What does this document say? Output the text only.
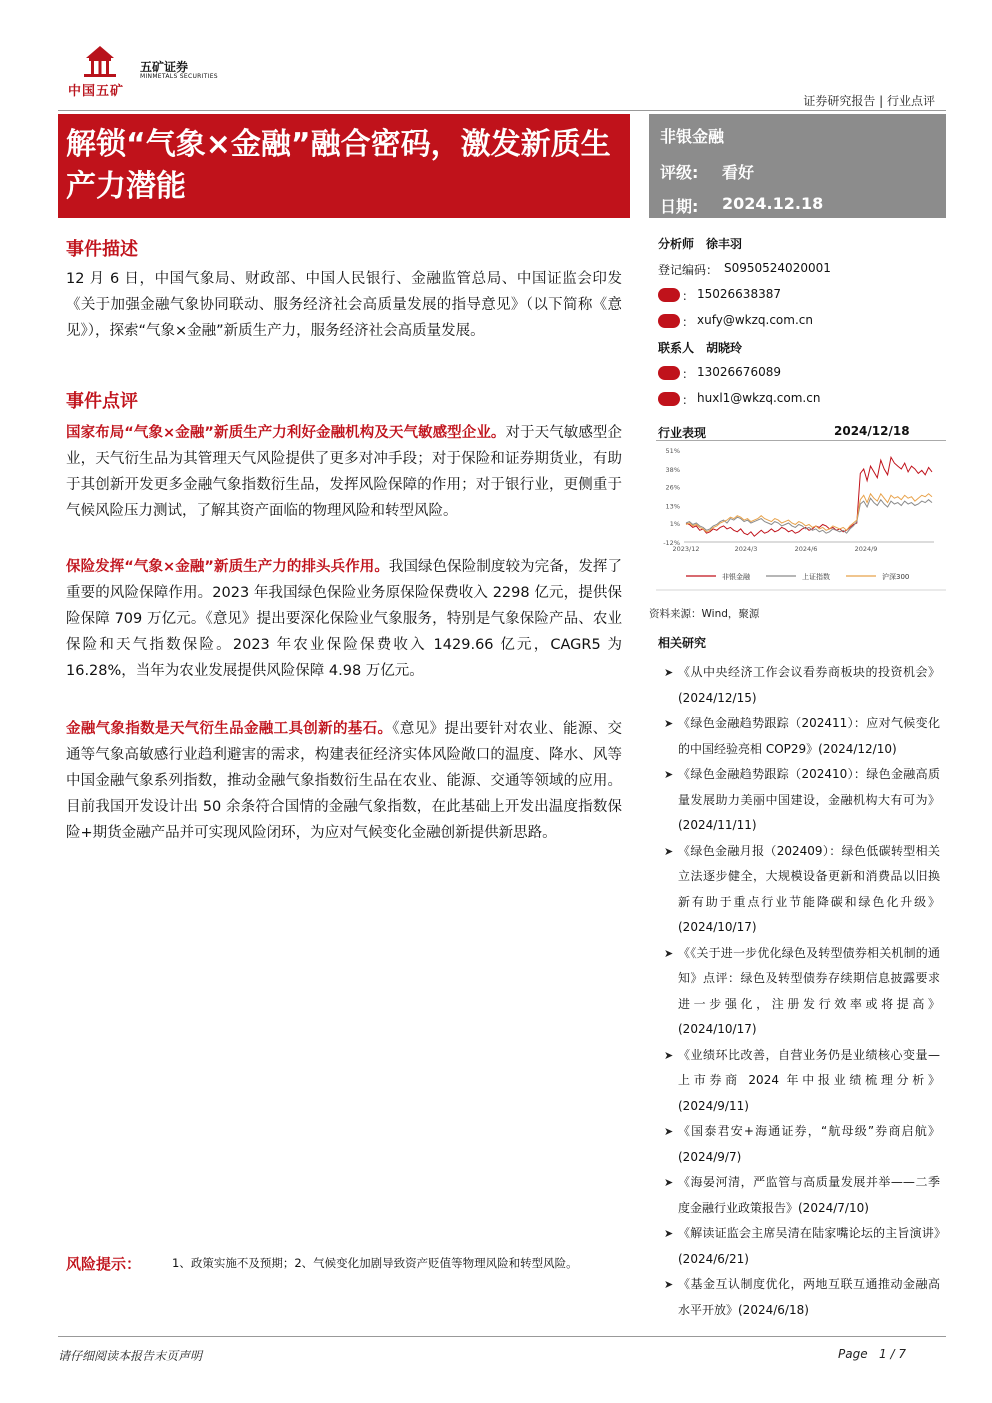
中国五矿
五矿证券
MINMETALS SECURITIES
证券研究报告 | 行业点评
解锁“气象×金融”融合密码，激发新质生产力潜能
非银金融
评级: 看好
日期: 2024.12.18
事件描述
12 月 6 日，中国气象局、财政部、中国人民银行、金融监管总局、中国证监会印发《关于加强金融气象协同联动、服务经济社会高质量发展的指导意见》（以下简称《意见》），探索“气象×金融”新质生产力，服务经济社会高质量发展。
事件点评
国家布局“气象×金融”新质生产力利好金融机构及天气敏感型企业。对于天气敏感型企业，天气衍生品为其管理天气风险提供了更多对冲手段；对于保险和证券期货业，有助于其创新开发更多金融气象指数衍生品，发挥风险保障的作用；对于银行业，更侧重于气候风险压力测试，了解其资产面临的物理风险和转型风险。
保险发挥“气象×金融”新质生产力的排头兵作用。我国绿色保险制度较为完备，发挥了重要的风险保障作用。2023 年我国绿色保险业务原保险保费收入 2298 亿元，提供保险保障 709 万亿元。《意见》提出要深化保险业气象服务，特别是气象保险产品、农业保险和天气指数保险。2023 年农业保险保费收入 1429.66 亿元，CAGR5 为 16.28%，当年为农业发展提供风险保障 4.98 万亿元。
金融气象指数是天气衍生品金融工具创新的基石。《意见》提出要针对农业、能源、交通等气象高敏感行业趋利避害的需求，构建表征经济实体风险敞口的温度、降水、风等中国金融气象系列指数，推动金融气象指数衍生品在农业、能源、交通等领域的应用。目前我国开发设计出 50 余条符合国情的金融气象指数，在此基础上开发出温度指数保险+期货金融产品并可实现风险闭环，为应对气候变化金融创新提供新思路。
分析师 徐丰羽
登记编码： S0950524020001
： 15026638387
： xufy@wkzq.com.cn
联系人 胡晓玲
： 13026676089
： huxl1@wkzq.com.cn
行业表现	2024/12/18
51%
38%
26%
13%
1%
-12%
2023/12	2024/3	2024/6	2024/9
非银金融	上证指数	沪深300
资料来源：Wind，聚源
相关研究
➤ 《从中央经济工作会议看券商板块的投资机会》(2024/12/15)
➤ 《绿色金融趋势跟踪（202411）：应对气候变化的中国经验亮相 COP29》(2024/12/10)
➤ 《绿色金融趋势跟踪（202410）：绿色金融高质量发展助力美丽中国建设，金融机构大有可为》(2024/11/11)
➤ 《绿色金融月报（202409）：绿色低碳转型相关立法逐步健全，大规模设备更新和消费品以旧换新有助于重点行业节能降碳和绿色化升级》(2024/10/17)
➤ 《《关于进一步优化绿色及转型债券相关机制的通知》点评：绿色及转型债券存续期信息披露要求进一步强化，注册发行效率或将提高》(2024/10/17)
➤ 《业绩环比改善，自营业务仍是业绩核心变量—上市券商 2024 年中报业绩梳理分析》(2024/9/11)
➤ 《国泰君安+海通证券，“航母级”券商启航》(2024/9/7)
➤ 《海晏河清，严监管与高质量发展并举——二季度金融行业政策报告》(2024/7/10)
➤ 《解读证监会主席吴清在陆家嘴论坛的主旨演讲》(2024/6/21)
➤ 《基金互认制度优化，两地互联互通推动金融高水平开放》(2024/6/18)
风险提示：	1、政策实施不及预期；2、气候变化加剧导致资产贬值等物理风险和转型风险。
请仔细阅读本报告末页声明	Page 1 / 7
